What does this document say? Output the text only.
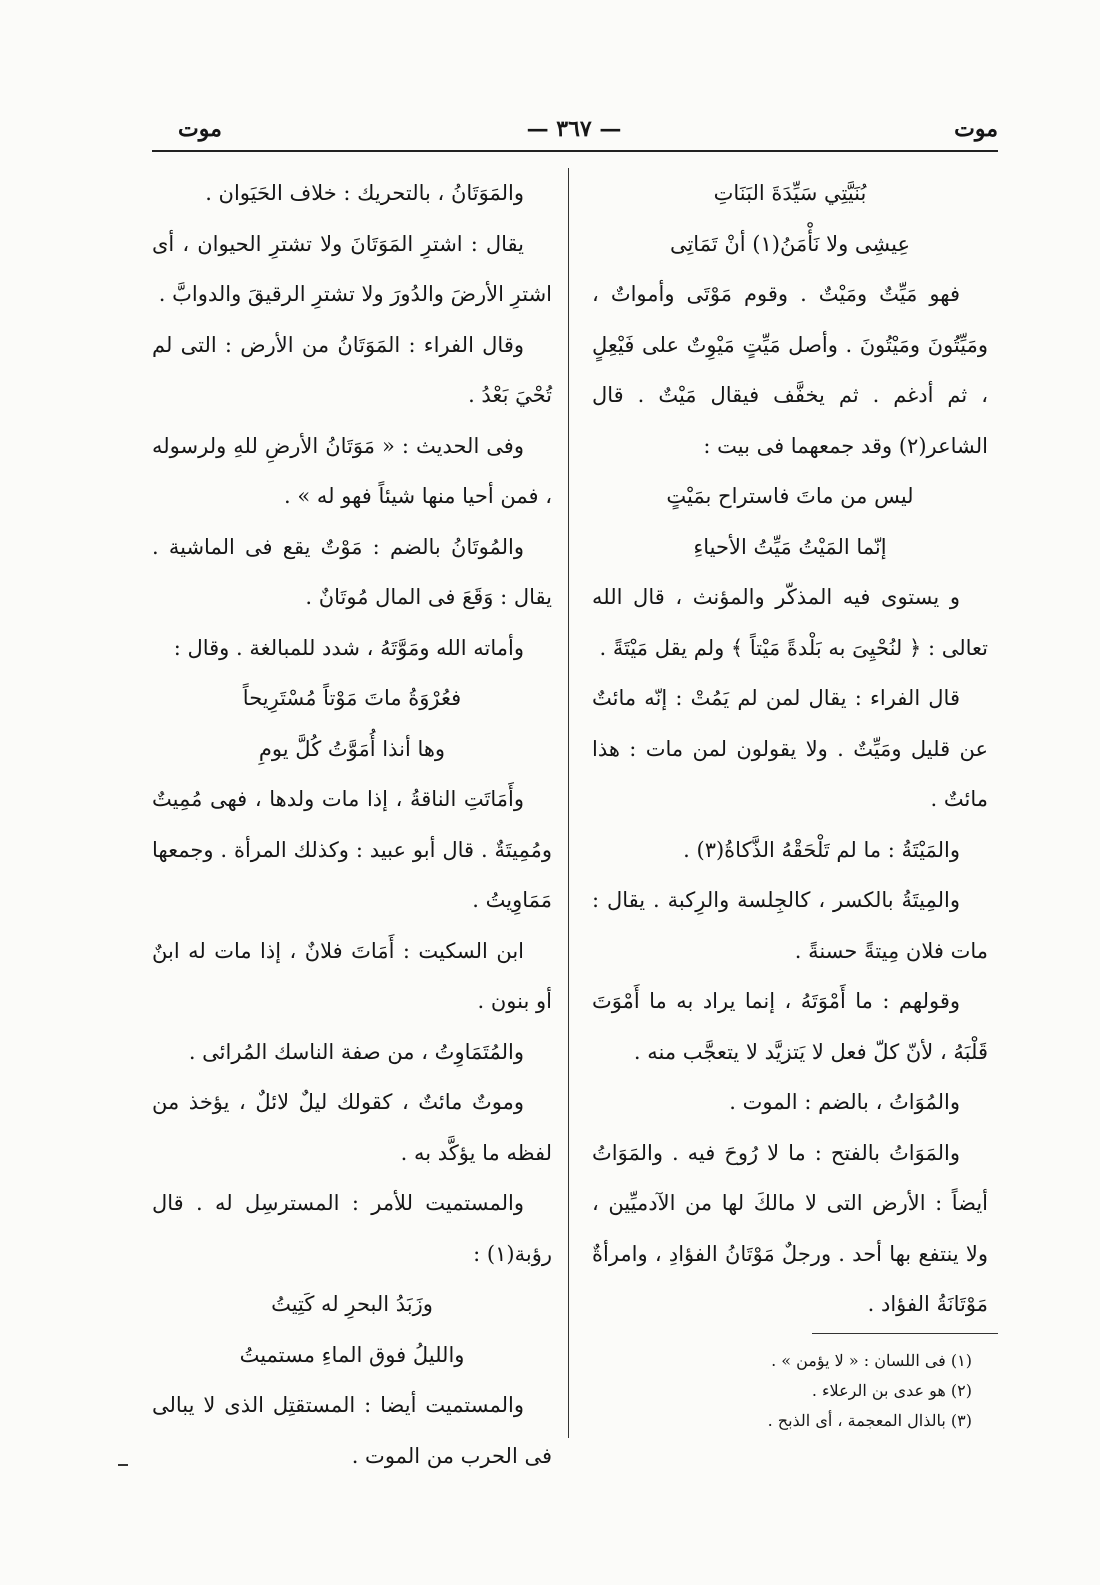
موت
— ٣٦٧ —
موت

بُنَيَّتِي سَيِّدَةَ البَنَاتِ

عِيشِى ولا نَأْمَنُ(١) أنْ تَمَاتِى

فهو مَيِّتٌ ومَيْتٌ . وقوم مَوْتَى وأمواتٌ ، ومَيِّتُونَ ومَيْتُونَ . وأصل مَيِّتٍ مَيْوِتٌ على فَيْعِلٍ ، ثم أدغم . ثم يخفَّف فيقال مَيْتٌ . قال الشاعر(٢) وقد جمعهما فى بيت :

ليس من ماتَ فاستراح بمَيْتٍ

إنّما المَيْتُ مَيِّتُ الأحياءِ

و يستوى فيه المذكّر والمؤنث ، قال الله تعالى : ﴿ لنُحْيِىَ به بَلْدةً مَيْتاً ﴾ ولم يقل مَيْتَةً .

قال الفراء : يقال لمن لم يَمُتْ : إنّه مائتٌ عن قليل ومَيِّتٌ . ولا يقولون لمن مات : هذا مائتٌ .

والمَيْتَةُ : ما لم تَلْحَقْهُ الذَّكاةُ(٣) .

والمِيتَةُ بالكسر ، كالجِلسة والرِكبة . يقال : مات فلان مِيتةً حسنةً .

وقولهم : ما أَمْوَتَهُ ، إنما يراد به ما أَمْوَتَ قَلْبَهُ ، لأنّ كلّ فعل لا يَتزيَّد لا يتعجَّب منه .

والمُوَاتُ ، بالضم : الموت .

والمَوَاتُ بالفتح : ما لا رُوحَ فيه . والمَوَاتُ أيضاً : الأرض التى لا مالكَ لها من الآدميِّين ، ولا ينتفع بها أحد . ورجلٌ مَوْتَانُ الفؤادِ ، وامرأةٌ مَوْتَانَةُ الفؤاد .

والمَوَتَانُ ، بالتحريك : خلاف الحَيَوان .

يقال : اشترِ المَوَتَانَ ولا تشترِ الحيوان ، أى اشترِ الأرضَ والدُورَ ولا تشترِ الرقيقَ والدوابَّ .

وقال الفراء : المَوَتَانُ من الأرض : التى لم تُحْيَ بَعْدُ .

وفى الحديث : « مَوَتَانُ الأرضِ للهِ ولرسوله ، فمن أحيا منها شيئاً فهو له » .

والمُوتَانُ بالضم : مَوْتٌ يقع فى الماشية . يقال : وَقَعَ فى المال مُوتَانٌ .

وأماته الله ومَوَّتَهُ ، شدد للمبالغة . وقال :

فعُرْوَةُ ماتَ مَوْتاً مُسْتَرِيحاً

وها أنذا أُمَوَّتُ كُلَّ يومِ

وأَمَاتَتِ الناقةُ ، إذا مات ولدها ، فهى مُمِيتٌ ومُمِيتَةٌ . قال أبو عبيد : وكذلك المرأة . وجمعها مَمَاوِيتُ .

ابن السكيت : أَمَاتَ فلانٌ ، إذا مات له ابنٌ أو بنون .

والمُتَمَاوِتُ ، من صفة الناسك المُرائى .

وموتٌ مائتٌ ، كقولك ليلٌ لائلٌ ، يؤخذ من لفظه ما يؤكَّد به .

والمستميت للأمر : المسترسِل له . قال رؤبة(١) :

وزَبَدُ البحرِ له كَتِيتُ

والليلُ فوق الماءِ مستميتُ

والمستميت أيضا : المستقتِل الذى لا يبالى فى الحرب من الموت .

(١) فى اللسان : « لا يؤمن » .
(٢) هو عدى بن الرعلاء .
(٣) بالذال المعجمة ، أى الذبح .
